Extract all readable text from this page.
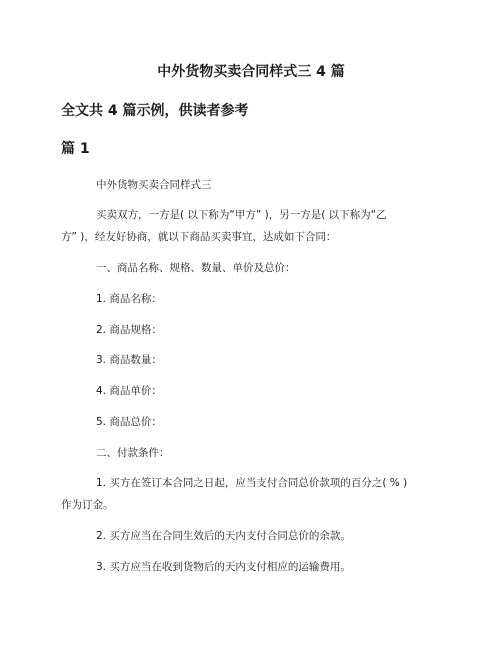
中外货物买卖合同样式三 4 篇
全文共 4 篇示例，供读者参考
篇 1
中外货物买卖合同样式三
买卖双方，一方是( 以下称为“甲方” )，另一方是( 以下称为“乙
方” )，经友好协商，就以下商品买卖事宜，达成如下合同：
一、商品名称、规格、数量、单价及总价：
1. 商品名称：
2. 商品规格：
3. 商品数量：
4. 商品单价：
5. 商品总价：
二、付款条件：
1. 买方在签订本合同之日起，应当支付合同总价款项的百分之( % )
作为订金。
2. 买方应当在合同生效后的天内支付合同总价的余款。
3. 买方应当在收到货物后的天内支付相应的运输费用。
